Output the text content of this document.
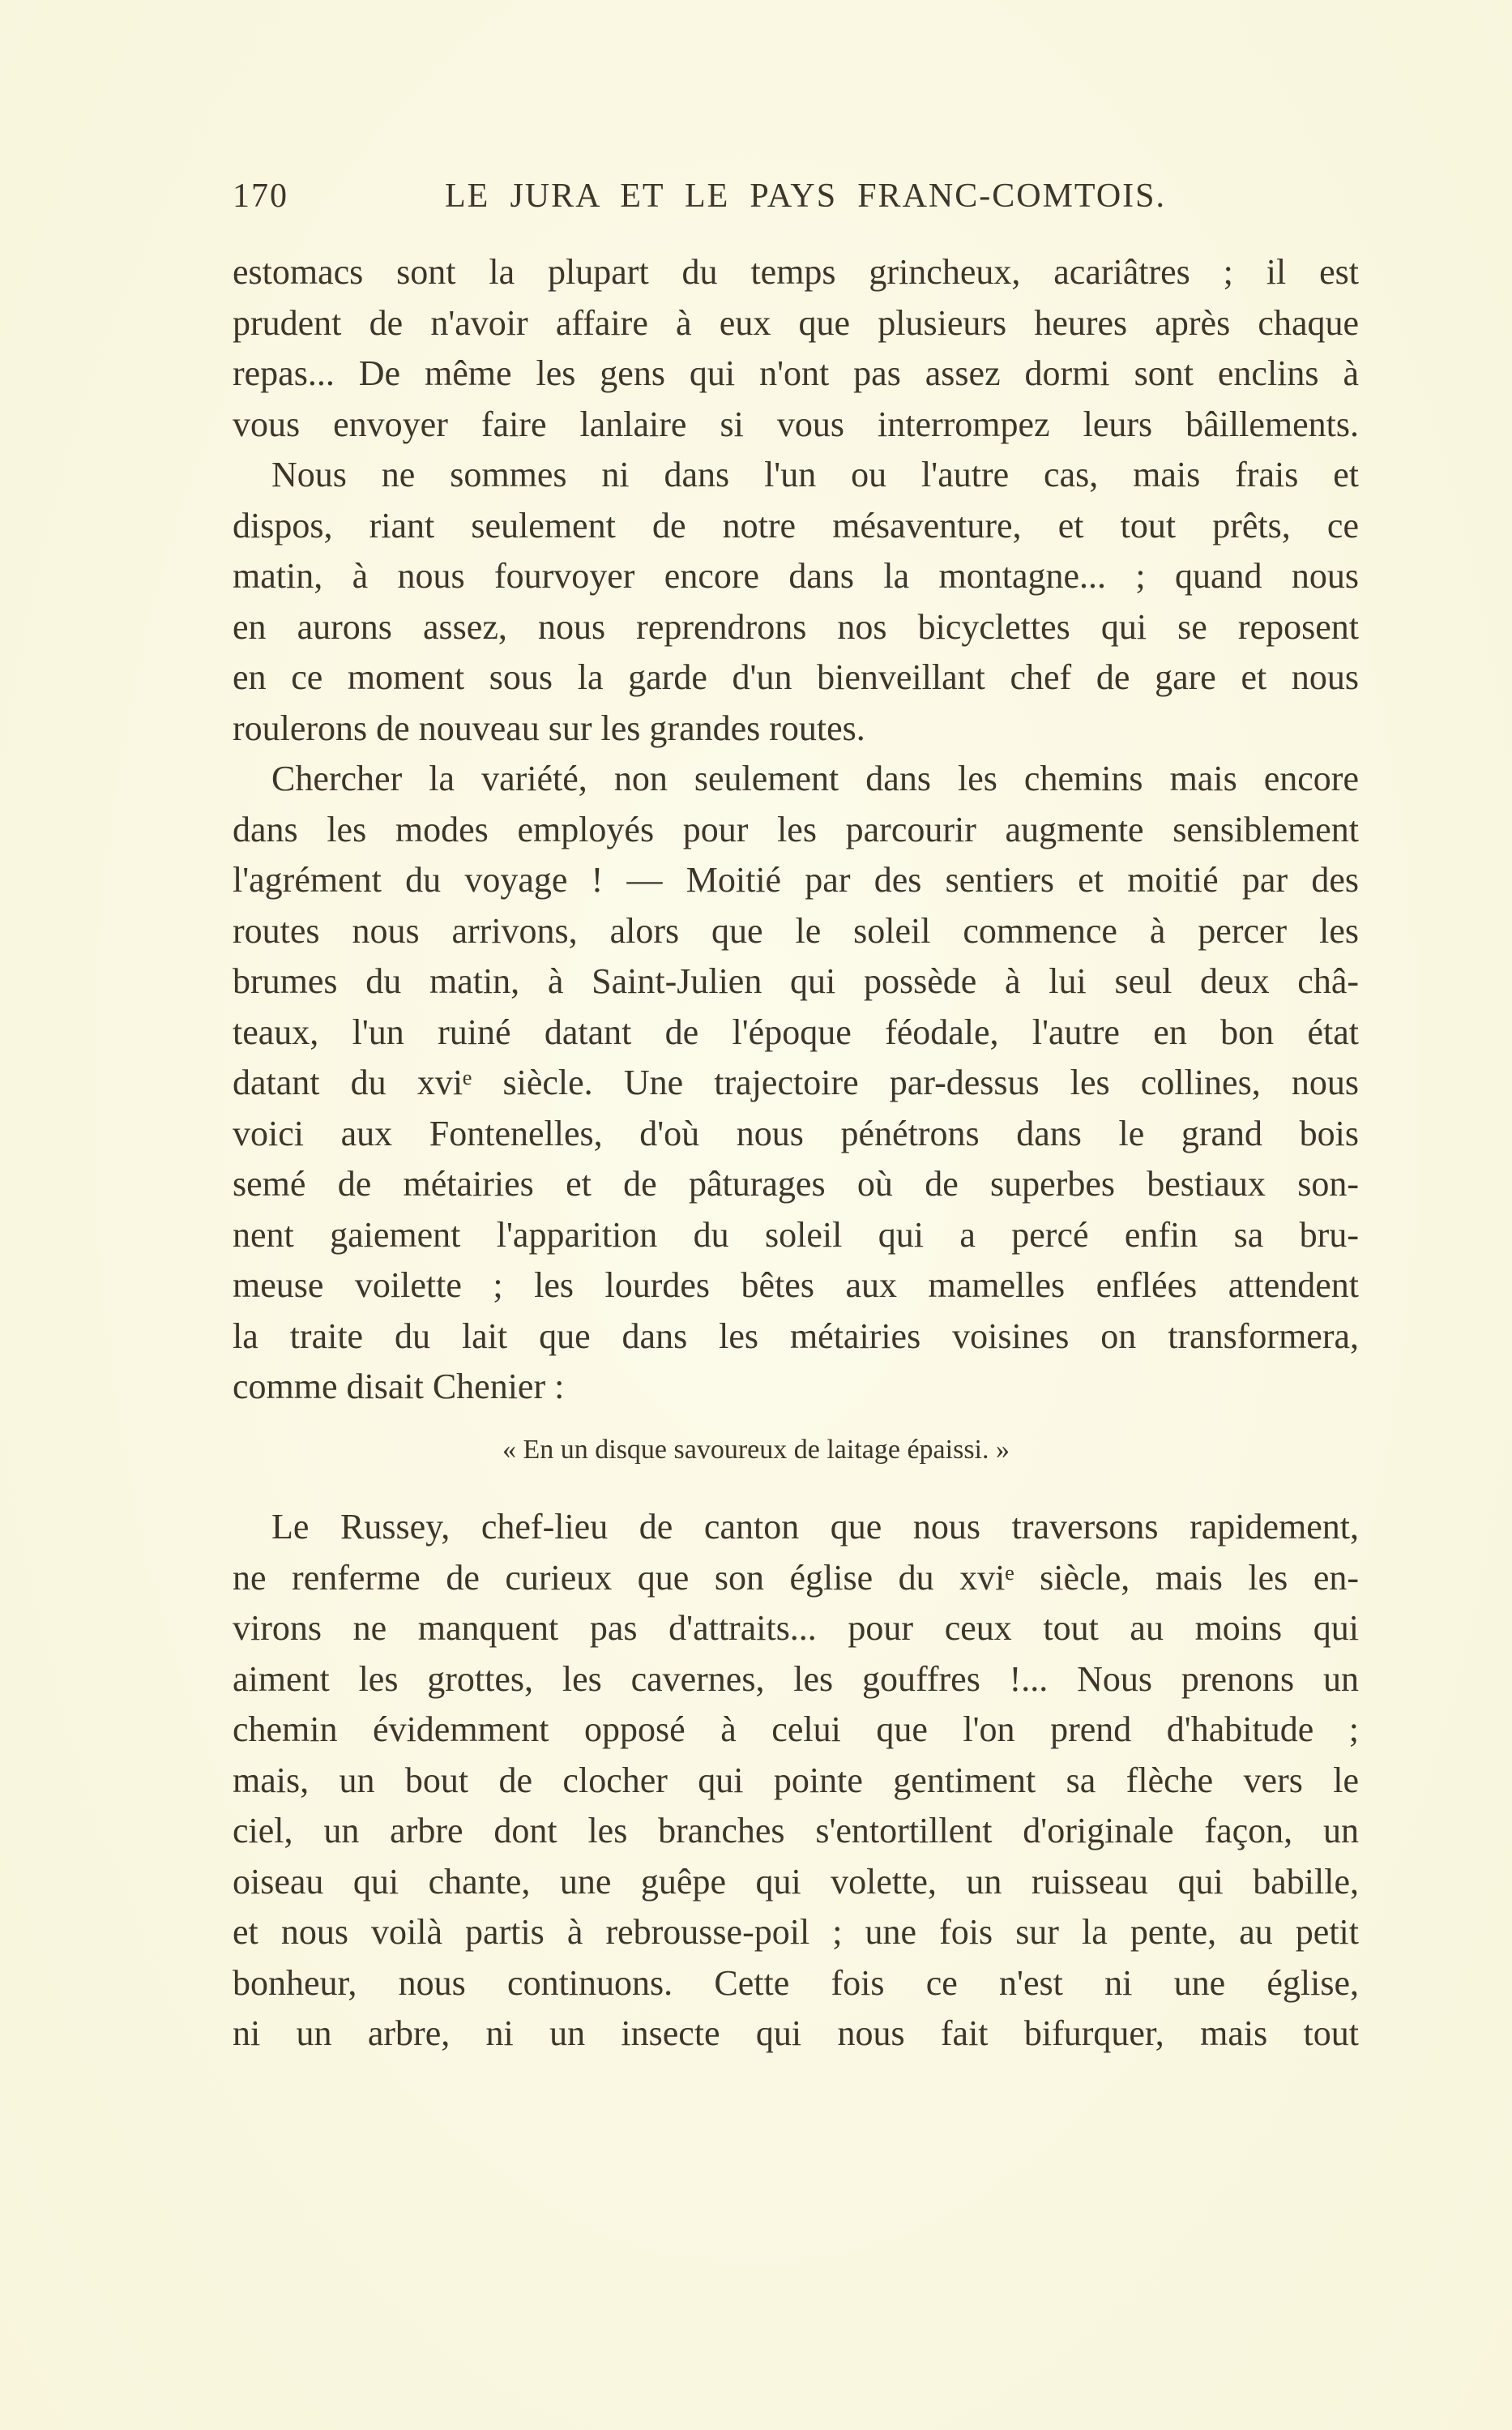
170	LE JURA ET LE PAYS FRANC-COMTOIS.
estomacs sont la plupart du temps grincheux, acariâtres ; il est
prudent de n'avoir affaire à eux que plusieurs heures après chaque
repas... De même les gens qui n'ont pas assez dormi sont enclins à
vous envoyer faire lanlaire si vous interrompez leurs bâillements.
Nous ne sommes ni dans l'un ou l'autre cas, mais frais et
dispos, riant seulement de notre mésaventure, et tout prêts, ce
matin, à nous fourvoyer encore dans la montagne... ; quand nous
en aurons assez, nous reprendrons nos bicyclettes qui se reposent
en ce moment sous la garde d'un bienveillant chef de gare et nous
roulerons de nouveau sur les grandes routes.
Chercher la variété, non seulement dans les chemins mais encore
dans les modes employés pour les parcourir augmente sensiblement
l'agrément du voyage ! — Moitié par des sentiers et moitié par des
routes nous arrivons, alors que le soleil commence à percer les
brumes du matin, à Saint-Julien qui possède à lui seul deux châ-
teaux, l'un ruiné datant de l'époque féodale, l'autre en bon état
datant du xviᵉ siècle. Une trajectoire par-dessus les collines, nous
voici aux Fontenelles, d'où nous pénétrons dans le grand bois
semé de métairies et de pâturages où de superbes bestiaux son-
nent gaiement l'apparition du soleil qui a percé enfin sa bru-
meuse voilette ; les lourdes bêtes aux mamelles enflées attendent
la traite du lait que dans les métairies voisines on transformera,
comme disait Chenier :
Le Russey, chef-lieu de canton que nous traversons rapidement,
ne renferme de curieux que son église du xviᵉ siècle, mais les en-
virons ne manquent pas d'attraits... pour ceux tout au moins qui
aiment les grottes, les cavernes, les gouffres !... Nous prenons un
chemin évidemment opposé à celui que l'on prend d'habitude ;
mais, un bout de clocher qui pointe gentiment sa flèche vers le
ciel, un arbre dont les branches s'entortillent d'originale façon, un
oiseau qui chante, une guêpe qui volette, un ruisseau qui babille,
et nous voilà partis à rebrousse-poil ; une fois sur la pente, au petit
bonheur, nous continuons. Cette fois ce n'est ni une église,
ni un arbre, ni un insecte qui nous fait bifurquer, mais tout
« En un disque savoureux de laitage épaissi. »
